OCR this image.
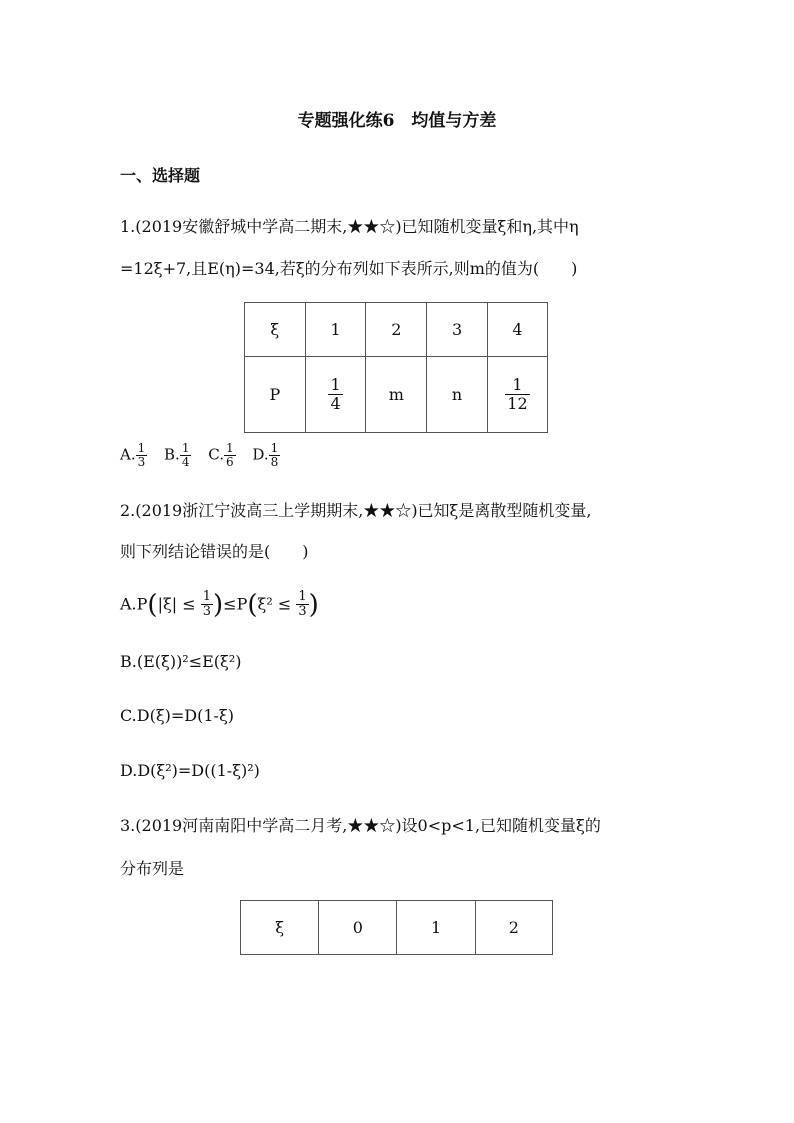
专题强化练6　均值与方差
一、选择题
1.(2019安徽舒城中学高二期末,★★☆)已知随机变量ξ和η,其中η
=12ξ+7,且E(η)=34,若ξ的分布列如下表所示,则m的值为(　　)
ξ	1	2	3	4
P	$\frac{1}{4}$	m	n	$\frac{1}{12}$
A. $\frac{1}{3} B$. $\frac{1}{4} C$. $\frac{1}{6} D$. $\frac{1}{8}$
2.(2019浙江宁波高三上学期期末,★★☆)已知ξ是离散型随机变量,
则下列结论错误的是(　　)
$A.P(|\xi| \le \frac{1}{3} )\le P(\xi^2 \le \frac{1}{3}$ )
B.(E(ξ))²≤E(ξ²)
C.D(ξ)=D(1-ξ)
D.D(ξ²)=D((1-ξ)²)
3.(2019河南南阳中学高二月考,★★☆)设0<p<1,已知随机变量ξ的
分布列是
ξ	0	1	2
